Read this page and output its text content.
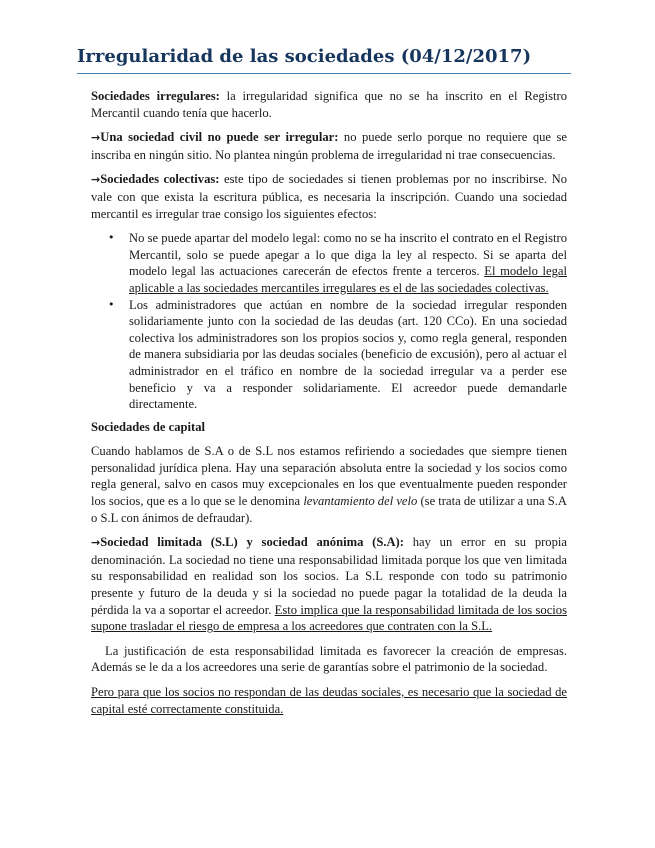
Irregularidad de las sociedades (04/12/2017)

Sociedades irregulares: la irregularidad significa que no se ha inscrito en el Registro Mercantil cuando tenía que hacerlo.

→Una sociedad civil no puede ser irregular: no puede serlo porque no requiere que se inscriba en ningún sitio. No plantea ningún problema de irregularidad ni trae consecuencias.

→Sociedades colectivas: este tipo de sociedades si tienen problemas por no inscribirse. No vale con que exista la escritura pública, es necesaria la inscripción. Cuando una sociedad mercantil es irregular trae consigo los siguientes efectos:

• No se puede apartar del modelo legal: como no se ha inscrito el contrato en el Registro Mercantil, solo se puede apegar a lo que diga la ley al respecto. Si se aparta del modelo legal las actuaciones carecerán de efectos frente a terceros. El modelo legal aplicable a las sociedades mercantiles irregulares es el de las sociedades colectivas.
• Los administradores que actúan en nombre de la sociedad irregular responden solidariamente junto con la sociedad de las deudas (art. 120 CCo). En una sociedad colectiva los administradores son los propios socios y, como regla general, responden de manera subsidiaria por las deudas sociales (beneficio de excusión), pero al actuar el administrador en el tráfico en nombre de la sociedad irregular va a perder ese beneficio y va a responder solidariamente. El acreedor puede demandarle directamente.

Sociedades de capital

Cuando hablamos de S.A o de S.L nos estamos refiriendo a sociedades que siempre tienen personalidad jurídica plena. Hay una separación absoluta entre la sociedad y los socios como regla general, salvo en casos muy excepcionales en los que eventualmente pueden responder los socios, que es a lo que se le denomina levantamiento del velo (se trata de utilizar a una S.A o S.L con ánimos de defraudar).

→Sociedad limitada (S.L) y sociedad anónima (S.A): hay un error en su propia denominación. La sociedad no tiene una responsabilidad limitada porque los que ven limitada su responsabilidad en realidad son los socios. La S.L responde con todo su patrimonio presente y futuro de la deuda y si la sociedad no puede pagar la totalidad de la deuda la pérdida la va a soportar el acreedor. Esto implica que la responsabilidad limitada de los socios supone trasladar el riesgo de empresa a los acreedores que contraten con la S.L.

La justificación de esta responsabilidad limitada es favorecer la creación de empresas. Además se le da a los acreedores una serie de garantías sobre el patrimonio de la sociedad.

Pero para que los socios no respondan de las deudas sociales, es necesario que la sociedad de capital esté correctamente constituida.
